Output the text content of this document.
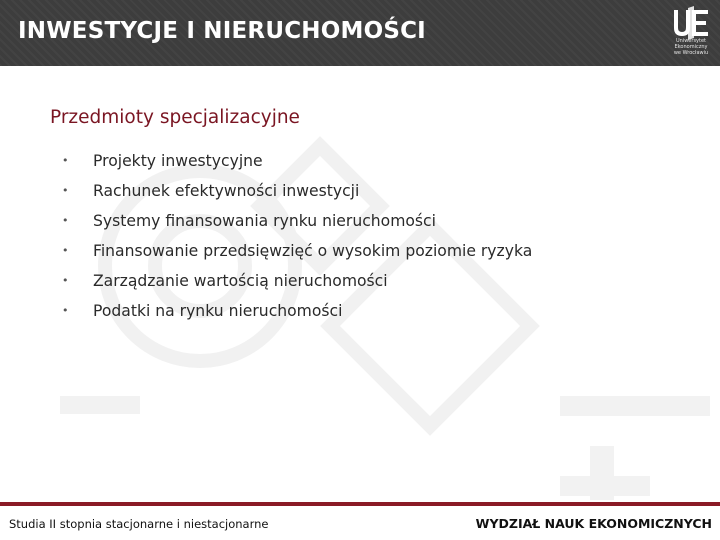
INWESTYCJE I NIERUCHOMOŚCI	Uniwersytet
Ekonomiczny
we Wrocławiu
Przedmioty specjalizacyjne
• Projekty inwestycyjne
• Rachunek efektywności inwestycji
• Systemy finansowania rynku nieruchomości
• Finansowanie przedsięwzięć o wysokim poziomie ryzyka
• Zarządzanie wartością nieruchomości
• Podatki na rynku nieruchomości
Studia II stopnia stacjonarne i niestacjonarne	WYDZIAŁ NAUK EKONOMICZNYCH
